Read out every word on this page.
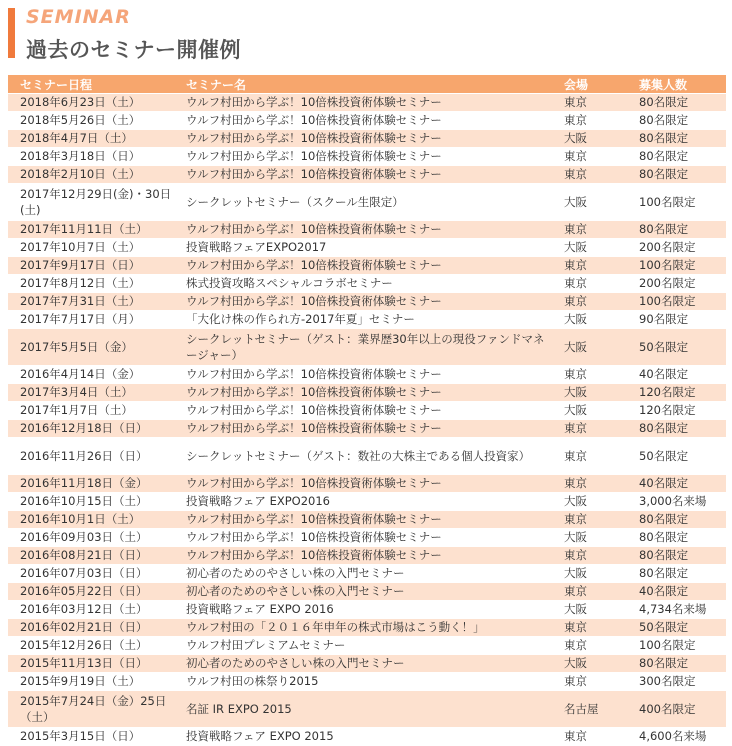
SEMINAR
過去のセミナー開催例
セミナー日程	セミナー名	会場	募集人数
2018年6月23日（土）	ウルフ村田から学ぶ！10倍株投資術体験セミナー	東京	80名限定
2018年5月26日（土）	ウルフ村田から学ぶ！10倍株投資術体験セミナー	東京	80名限定
2018年4月7日（土）	ウルフ村田から学ぶ！10倍株投資術体験セミナー	大阪	80名限定
2018年3月18日（日）	ウルフ村田から学ぶ！10倍株投資術体験セミナー	東京	80名限定
2018年2月10日（土）	ウルフ村田から学ぶ！10倍株投資術体験セミナー	東京	80名限定
2017年12月29日(金)・30日(土)	シークレットセミナー（スクール生限定）	大阪	100名限定
2017年11月11日（土）	ウルフ村田から学ぶ！10倍株投資術体験セミナー	東京	80名限定
2017年10月7日（土）	投資戦略フェアEXPO2017	大阪	200名限定
2017年9月17日（日）	ウルフ村田から学ぶ！10倍株投資術体験セミナー	東京	100名限定
2017年8月12日（土）	株式投資攻略スペシャルコラボセミナー	東京	200名限定
2017年7月31日（土）	ウルフ村田から学ぶ！10倍株投資術体験セミナー	東京	100名限定
2017年7月17日（月）	「大化け株の作られ方-2017年夏」セミナー	大阪	90名限定
2017年5月5日（金）	シークレットセミナー（ゲスト：業界歴30年以上の現役ファンドマネージャー）	大阪	50名限定
2016年4月14日（金）	ウルフ村田から学ぶ！10倍株投資術体験セミナー	東京	40名限定
2017年3月4日（土）	ウルフ村田から学ぶ！10倍株投資術体験セミナー	大阪	120名限定
2017年1月7日（土）	ウルフ村田から学ぶ！10倍株投資術体験セミナー	大阪	120名限定
2016年12月18日（日）	ウルフ村田から学ぶ！10倍株投資術体験セミナー	東京	80名限定
2016年11月26日（日）	シークレットセミナー（ゲスト：数社の大株主である個人投資家）	東京	50名限定
2016年11月18日（金）	ウルフ村田から学ぶ！10倍株投資術体験セミナー	東京	40名限定
2016年10月15日（土）	投資戦略フェア EXPO2016	大阪	3,000名来場
2016年10月1日（土）	ウルフ村田から学ぶ！10倍株投資術体験セミナー	東京	80名限定
2016年09月03日（土）	ウルフ村田から学ぶ！10倍株投資術体験セミナー	大阪	80名限定
2016年08月21日（日）	ウルフ村田から学ぶ！10倍株投資術体験セミナー	東京	80名限定
2016年07月03日（日）	初心者のためのやさしい株の入門セミナー	大阪	80名限定
2016年05月22日（日）	初心者のためのやさしい株の入門セミナー	東京	40名限定
2016年03月12日（土）	投資戦略フェア EXPO 2016	大阪	4,734名来場
2016年02月21日（日）	ウルフ村田の「２０１６年申年の株式市場はこう動く！」	東京	50名限定
2015年12月26日（土）	ウルフ村田プレミアムセミナー	東京	100名限定
2015年11月13日（日）	初心者のためのやさしい株の入門セミナー	大阪	80名限定
2015年9月19日（土）	ウルフ村田の株祭り2015	東京	300名限定
2015年7月24日（金）25日（土）	名証 IR EXPO 2015	名古屋	400名限定
2015年3月15日（日）	投資戦略フェア EXPO 2015	東京	4,600名来場
